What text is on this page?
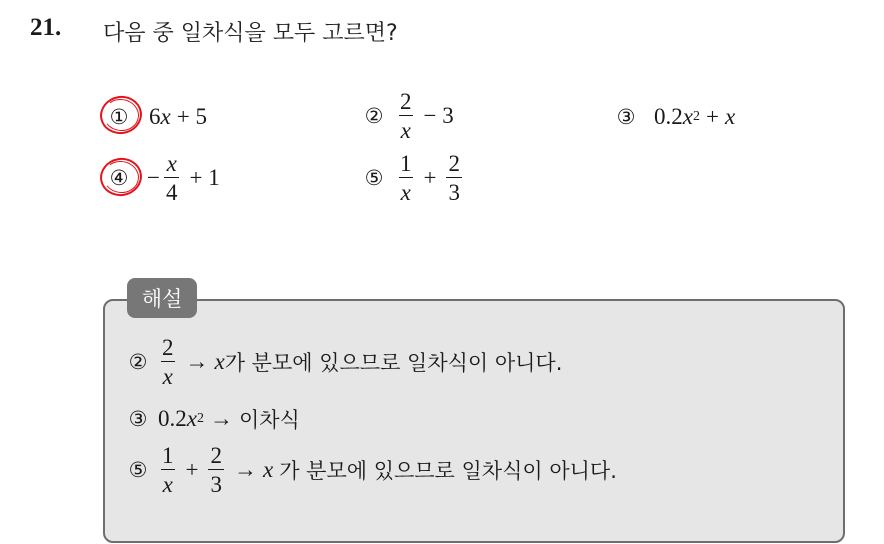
21. 다음 중 일차식을 모두 고르면?
① 6 x + 5	② $\frac{2}{x} - 3$	③ 0.2 x 2 + x
④ − $\frac{x}{4} + 1$	⑤ $\frac{1}{x} + \frac{2}{3}$
해설
② $\frac{2}{x} \to x$ 가 분모에 있으므로 일차식이 아니다.
③ 0.2 x 2 → 이차식
⑤ $\frac{1}{x} + \frac{2}{3} \to x$ 가 분모에 있으므로 일차식이 아니다.
